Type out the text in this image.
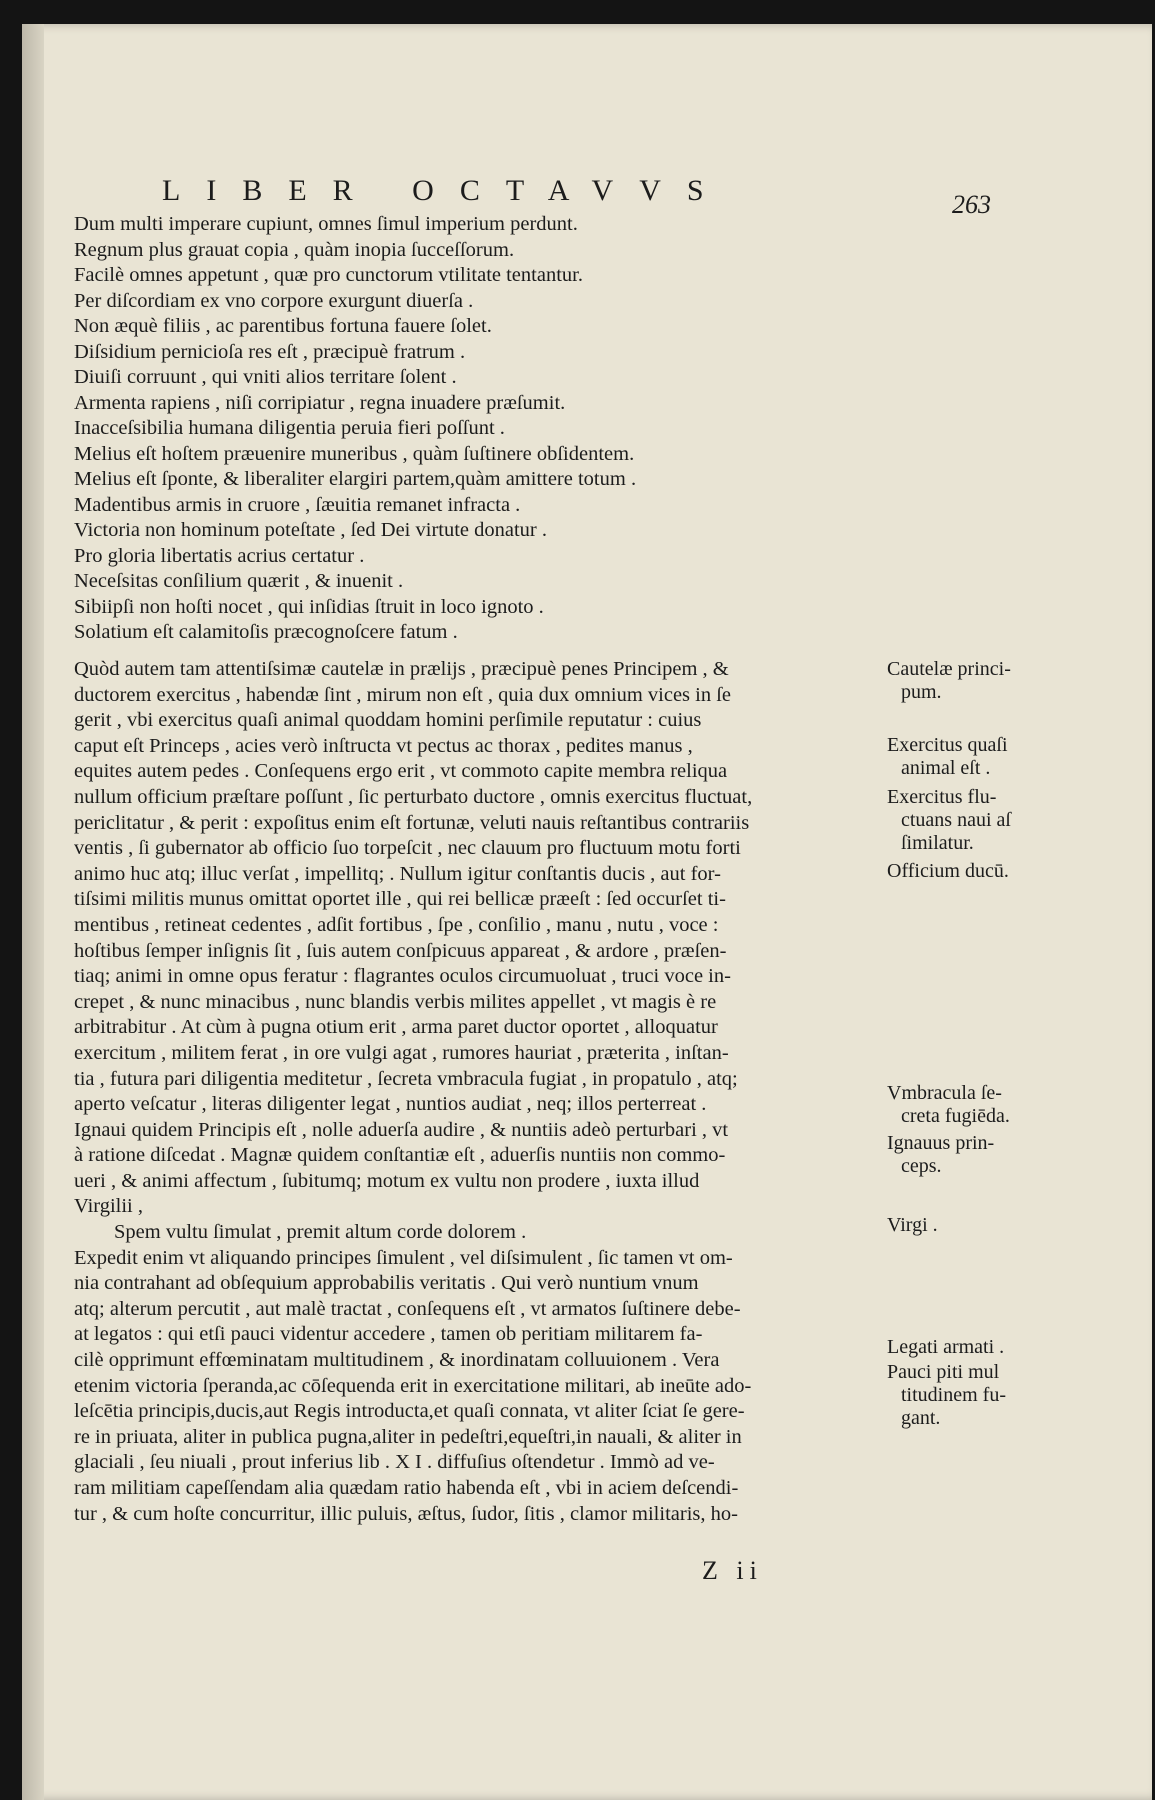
LIBER OCTAVVS	263
Dum multi imperare cupiunt, omnes ſimul imperium perdunt.
Regnum plus grauat copia , quàm inopia ſucceſſorum.
Facilè omnes appetunt , quæ pro cunctorum vtilitate tentantur.
Per diſcordiam ex vno corpore exurgunt diuerſa .
Non æquè filiis , ac parentibus fortuna fauere ſolet.
Diſsidium pernicioſa res eſt , præcipuè fratrum .
Diuiſi corruunt , qui vniti alios territare ſolent .
Armenta rapiens , niſi corripiatur , regna inuadere præſumit.
Inacceſsibilia humana diligentia peruia fieri poſſunt .
Melius eſt hoſtem præuenire muneribus , quàm ſuſtinere obſidentem.
Melius eſt ſponte, & liberaliter elargiri partem,quàm amittere totum .
Madentibus armis in cruore , ſæuitia remanet infracta .
Victoria non hominum poteſtate , ſed Dei virtute donatur .
Pro gloria libertatis acrius certatur .
Neceſsitas conſilium quærit , & inuenit .
Sibiipſi non hoſti nocet , qui inſidias ſtruit in loco ignoto .
Solatium eſt calamitoſis præcognoſcere fatum .
Quòd autem tam attentiſsimæ cautelæ in prælijs , præcipuè penes Principem , &
ductorem exercitus , habendæ ſint , mirum non eſt , quia dux omnium vices in ſe
gerit , vbi exercitus quaſi animal quoddam homini perſimile reputatur : cuius
caput eſt Princeps , acies verò inſtructa vt pectus ac thorax , pedites manus ,
equites autem pedes . Conſequens ergo erit , vt commoto capite membra reliqua
nullum officium præſtare poſſunt , ſic perturbato ductore , omnis exercitus fluctuat,
periclitatur , & perit : expoſitus enim eſt fortunæ, veluti nauis reſtantibus contrariis
ventis , ſi gubernator ab officio ſuo torpeſcit , nec clauum pro fluctuum motu forti
animo huc atq; illuc verſat , impellitq; . Nullum igitur conſtantis ducis , aut for-
tiſsimi militis munus omittat oportet ille , qui rei bellicæ præeſt : ſed occurſet ti-
mentibus , retineat cedentes , adſit fortibus , ſpe , conſilio , manu , nutu , voce :
hoſtibus ſemper inſignis ſit , ſuis autem conſpicuus appareat , & ardore , præſen-
tiaq; animi in omne opus feratur : flagrantes oculos circumuoluat , truci voce in-
crepet , & nunc minacibus , nunc blandis verbis milites appellet , vt magis è re
arbitrabitur . At cùm à pugna otium erit , arma paret ductor oportet , alloquatur
exercitum , militem ferat , in ore vulgi agat , rumores hauriat , præterita , inſtan-
tia , futura pari diligentia meditetur , ſecreta vmbracula fugiat , in propatulo , atq;
aperto veſcatur , literas diligenter legat , nuntios audiat , neq; illos perterreat .
Ignaui quidem Principis eſt , nolle aduerſa audire , & nuntiis adeò perturbari , vt
à ratione diſcedat . Magnæ quidem conſtantiæ eſt , aduerſis nuntiis non commo-
ueri , & animi affectum , ſubitumq; motum ex vultu non prodere , iuxta illud
Virgilii ,
Spem vultu ſimulat , premit altum corde dolorem .
Expedit enim vt aliquando principes ſimulent , vel diſsimulent , ſic tamen vt om-
nia contrahant ad obſequium approbabilis veritatis . Qui verò nuntium vnum
atq; alterum percutit , aut malè tractat , conſequens eſt , vt armatos ſuſtinere debe-
at legatos : qui etſi pauci videntur accedere , tamen ob peritiam militarem fa-
cilè opprimunt effœminatam multitudinem , & inordinatam colluuionem . Vera
etenim victoria ſperanda,ac cōſequenda erit in exercitatione militari, ab ineūte ado-
leſcētia principis,ducis,aut Regis introducta,et quaſi connata, vt aliter ſciat ſe gere-
re in priuata, aliter in publica pugna,aliter in pedeſtri,equeſtri,in nauali, & aliter in
glaciali , ſeu niuali , prout inferius lib . X I . diffuſius oſtendetur . Immò ad ve-
ram militiam capeſſendam alia quædam ratio habenda eſt , vbi in aciem deſcendi-
tur , & cum hoſte concurritur, illic puluis, æſtus, ſudor, ſitis , clamor militaris, ho-
Cautelæ princi-
pum.
Exercitus quaſi
animal eſt .
Exercitus flu-
ctuans naui aſ
ſimilatur.
Officium ducū.
Vmbracula ſe-
creta fugiēda.
Ignauus prin-
ceps.
Virgi .
Legati armati .
Pauci piti mul
titudinem fu-
gant.
Z ii
